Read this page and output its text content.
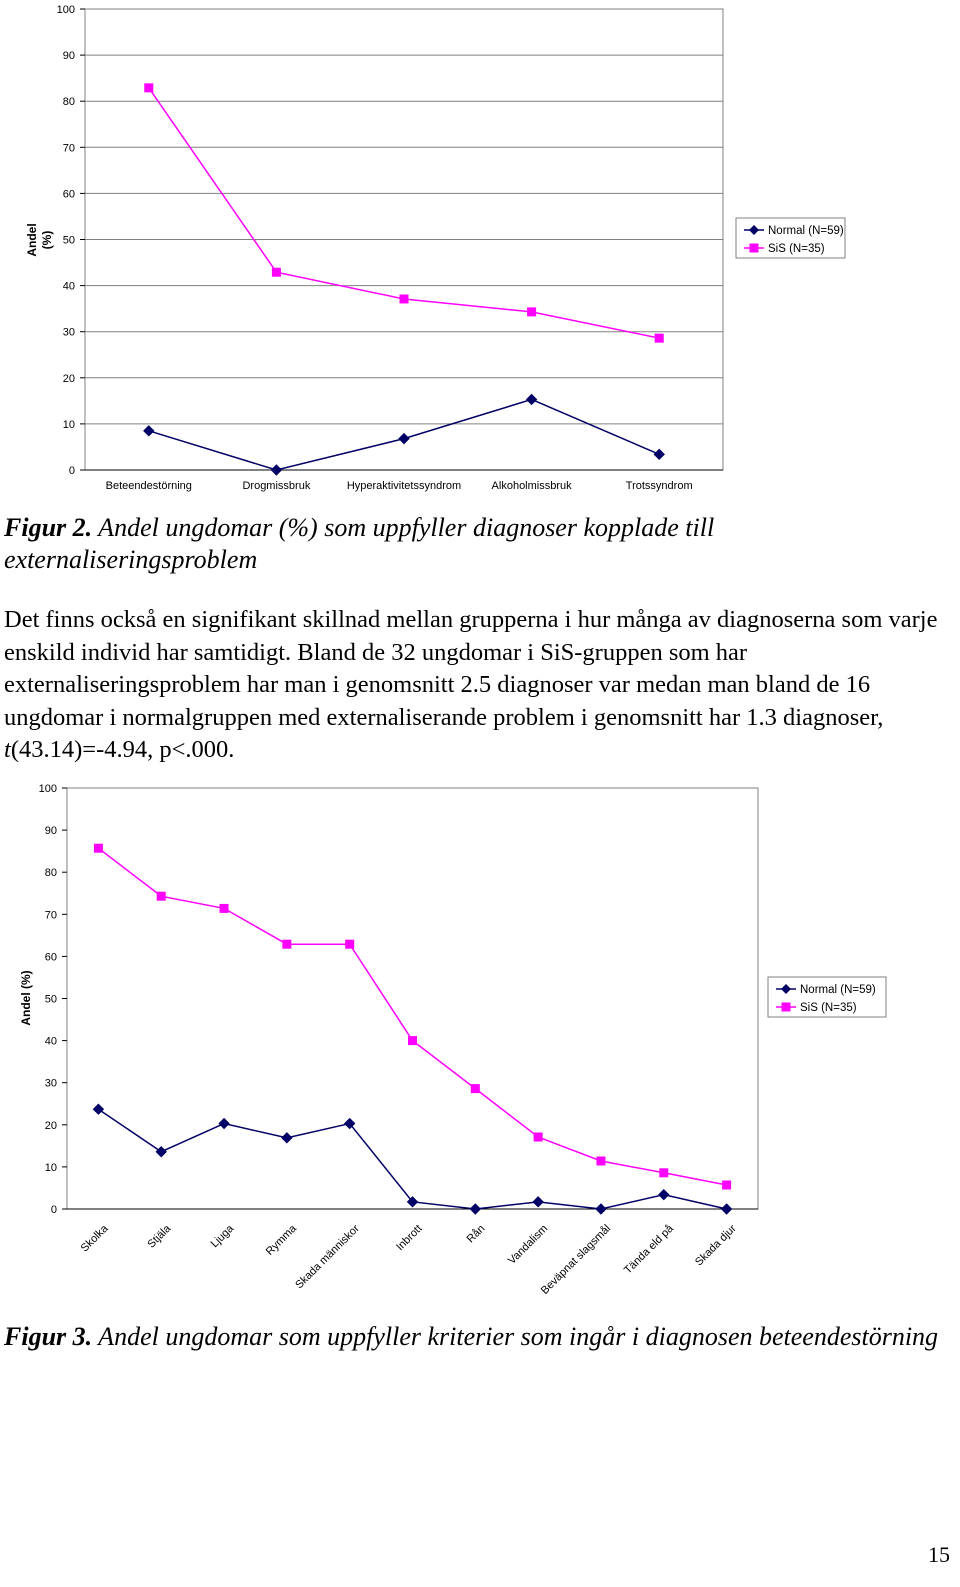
0
10
20
30
40
50
60
70
80
90
100
Andel(%)
Beteendestörning	Drogmissbruk	Hyperaktivitetssyndrom	Alkoholmissbruk	Trotssyndrom
Normal (N=59)
SiS (N=35)
Figur 2. Andel ungdomar (%) som uppfyller diagnoser kopplade till externaliseringsproblem
Det finns också en signifikant skillnad mellan grupperna i hur många av diagnoserna som varje enskild individ har samtidigt. Bland de 32 ungdomar i SiS-gruppen som har externaliseringsproblem har man i genomsnitt 2.5 diagnoser var medan man bland de 16 ungdomar i normalgruppen med externaliserande problem i genomsnitt har 1.3 diagnoser, t(43.14)=-4.94, p<.000.
0
10
20
30
40
50
60
70
80
90
100
Andel (%)
Skolka	Stjäla	Ljuga	Rymma
Skada människor	Inbrott	Rån Vandalism
Beväpnat slagsmål Tända eld på Skada djur
Normal (N=59)
SiS (N=35)
Figur 3. Andel ungdomar som uppfyller kriterier som ingår i diagnosen beteendestörning
15
